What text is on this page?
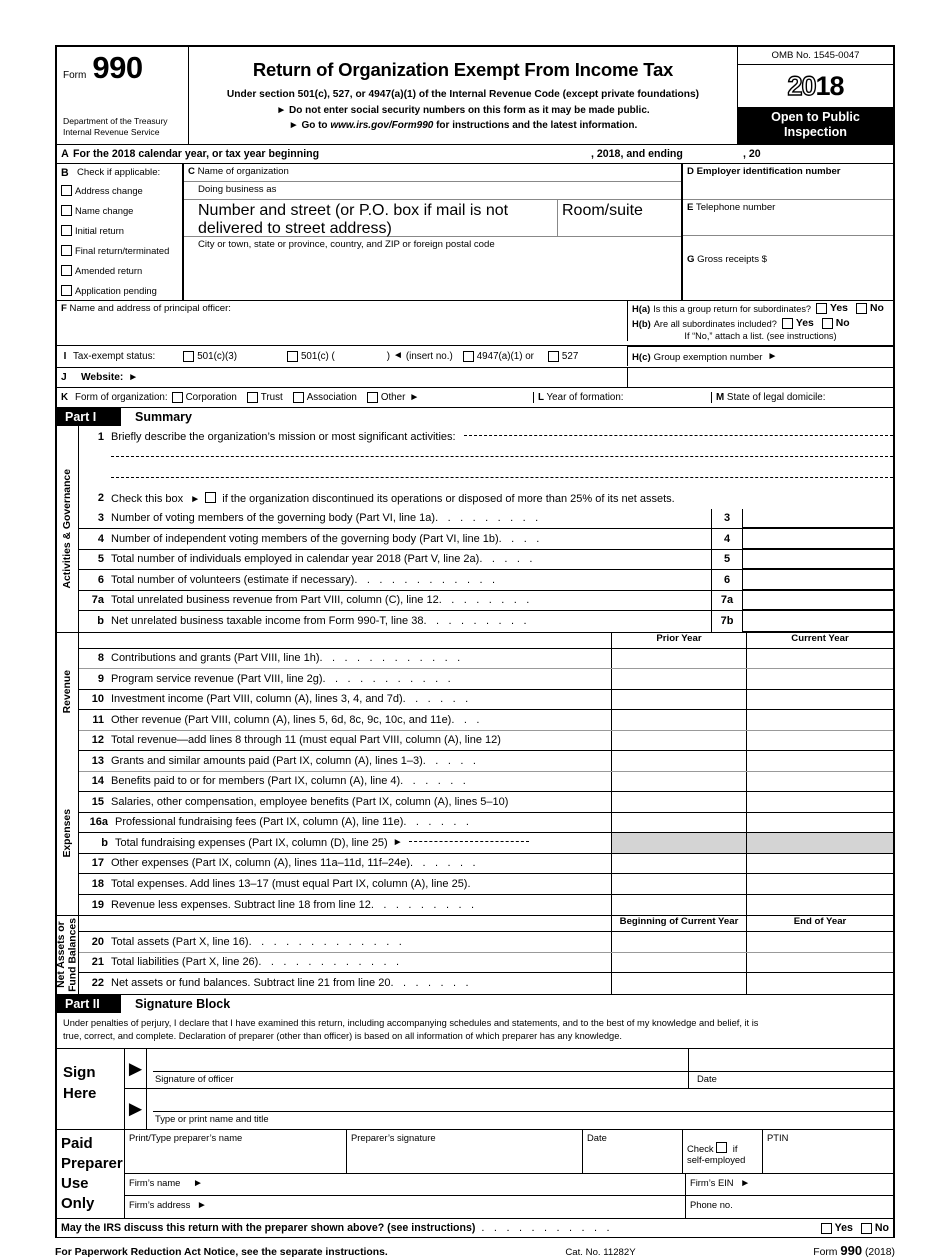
Form 990
Department of the Treasury
Internal Revenue Service
Return of Organization Exempt From Income Tax
Under section 501(c), 527, or 4947(a)(1) of the Internal Revenue Code (except private foundations)
► Do not enter social security numbers on this form as it may be made public.
► Go to www.irs.gov/Form990 for instructions and the latest information.
OMB No. 1545-0047
20 18
Open to Public
Inspection
A For the 2018 calendar year, or tax year beginning	, 2018, and ending	, 20
B Check if applicable:
Address change
Name change
Initial return
Final return/terminated
Amended return
Application pending
C Name of organization
Doing business as
Number and street (or P.O. box if mail is not delivered to street address)
Room/suite
City or town, state or province, country, and ZIP or foreign postal code
D Employer identification number
E Telephone number
G Gross receipts $
F Name and address of principal officer:	H(a) Is this a group return for subordinates? Yes No
H(b) Are all subordinates included? Yes No
If “No,” attach a list. (see instructions)
I Tax-exempt status:	501(c)(3)	501(c) (	) ◄ (insert no.) 4947(a)(1) or	527	H(c) Group exemption number ►
J	Website: ►
K Form of organization: Corporation Trust Association Other ►	L Year of formation:	M State of legal domicile:
Part I	Summary
Activities & Governance
1 Briefly describe the organization’s mission or most significant activities:
2 Check this box ► if the organization discontinued its operations or disposed of more than 25% of its net assets.
3 Number of voting members of the governing body (Part VI, line 1a). . . . . . . . .	3
4 Number of independent voting members of the governing body (Part VI, line 1b). . . .	4
5 Total number of individuals employed in calendar year 2018 (Part V, line 2a). . . . .	5
6 Total number of volunteers (estimate if necessary). . . . . . . . . . . .	6
7a Total unrelated business revenue from Part VIII, column (C), line 12. . . . . . . .	7a
b Net unrelated business taxable income from Form 990-T, line 38. . . . . . . . .	7b
Revenue
Prior Year	Current Year
8 Contributions and grants (Part VIII, line 1h). . . . . . . . . . . .
9 Program service revenue (Part VIII, line 2g). . . . . . . . . . .
10 Investment income (Part VIII, column (A), lines 3, 4, and 7d). . . . . .
11 Other revenue (Part VIII, column (A), lines 5, 6d, 8c, 9c, 10c, and 11e). . .
12 Total revenue—add lines 8 through 11 (must equal Part VIII, column (A), line 12)
Expenses
13 Grants and similar amounts paid (Part IX, column (A), lines 1–3). . . . .
14 Benefits paid to or for members (Part IX, column (A), line 4). . . . . .
15 Salaries, other compensation, employee benefits (Part IX, column (A), lines 5–10)
16a Professional fundraising fees (Part IX, column (A), line 11e). . . . . .
b Total fundraising expenses (Part IX, column (D), line 25) ►
17 Other expenses (Part IX, column (A), lines 11a–11d, 11f–24e). . . . . .
18 Total expenses. Add lines 13–17 (must equal Part IX, column (A), line 25).
19 Revenue less expenses. Subtract line 18 from line 12. . . . . . . . .
Net Assets or
Fund Balances	Beginning of Current Year	End of Year
20 Total assets (Part X, line 16). . . . . . . . . . . . .
21 Total liabilities (Part X, line 26). . . . . . . . . . . .
22 Net assets or fund balances. Subtract line 21 from line 20. . . . . . .
Part II	Signature Block
Under penalties of perjury, I declare that I have examined this return, including accompanying schedules and statements, and to the best of my knowledge and belief, it is
true, correct, and complete. Declaration of preparer (other than officer) is based on all information of which preparer has any knowledge.
Sign
Here
► Signature of officer	Date
► Type or print name and title
Paid
Preparer
Use Only
Print/Type preparer’s name	Preparer’s signature	Date
Check if
self-employed
PTIN
Firm’s name ►	Firm’s EIN ►
Firm’s address ►	Phone no.
May the IRS discuss this return with the preparer shown above? (see instructions) . . . . . . . . . . .	Yes No
For Paperwork Reduction Act Notice, see the separate instructions.	Cat. No. 11282Y	Form 990 (2018)
